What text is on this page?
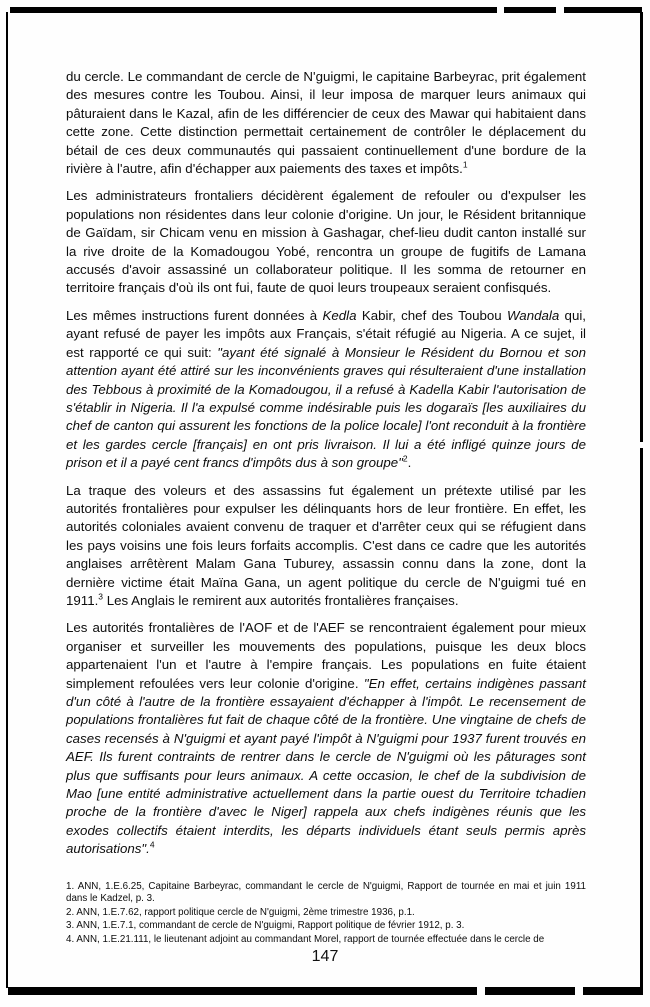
du cercle. Le commandant de cercle de N'guigmi, le capitaine Barbeyrac, prit également des mesures contre les Toubou. Ainsi, il leur imposa de marquer leurs animaux qui pâturaient dans le Kazal, afin de les différencier de ceux des Mawar qui habitaient dans cette zone. Cette distinction permettait certainement de contrôler le déplacement du bétail de ces deux communautés qui passaient continuellement d'une bordure de la rivière à l'autre, afin d'échapper aux paiements des taxes et impôts.$^1$

Les administrateurs frontaliers décidèrent également de refouler ou d'expulser les populations non résidentes dans leur colonie d'origine. Un jour, le Résident britannique de Gaïdam, sir Chicam venu en mission à Gashagar, chef-lieu dudit canton installé sur la rive droite de la Komadougou Yobé, rencontra un groupe de fugitifs de Lamana accusés d'avoir assassiné un collaborateur politique. Il les somma de retourner en territoire français d'où ils ont fui, faute de quoi leurs troupeaux seraient confisqués.

Les mêmes instructions furent données à Kedla Kabir, chef des Toubou Wandala qui, ayant refusé de payer les impôts aux Français, s'était réfugié au Nigeria. A ce sujet, il est rapporté ce qui suit: "ayant été signalé à Monsieur le Résident du Bornou et son attention ayant été attiré sur les inconvénients graves qui résulteraient d'une installation des Tebbous à proximité de la Komadougou, il a refusé à Kadella Kabir l'autorisation de s'établir in Nigeria. Il l'a expulsé comme indésirable puis les dogaraïs [les auxiliaires du chef de canton qui assurent les fonctions de la police locale] l'ont reconduit à la frontière et les gardes cercle [français] en ont pris livraison. Il lui a été infligé quinze jours de prison et il a payé cent francs d'impôts dus à son groupe"$^2$.

La traque des voleurs et des assassins fut également un prétexte utilisé par les autorités frontalières pour expulser les délinquants hors de leur frontière. En effet, les autorités coloniales avaient convenu de traquer et d'arrêter ceux qui se réfugient dans les pays voisins une fois leurs forfaits accomplis. C'est dans ce cadre que les autorités anglaises arrêtèrent Malam Gana Tuburey, assassin connu dans la zone, dont la dernière victime était Maïna Gana, un agent politique du cercle de N'guigmi tué en 1911.$^3$ Les Anglais le remirent aux autorités frontalières françaises.

Les autorités frontalières de l'AOF et de l'AEF se rencontraient également pour mieux organiser et surveiller les mouvements des populations, puisque les deux blocs appartenaient l'un et l'autre à l'empire français. Les populations en fuite étaient simplement refoulées vers leur colonie d'origine. "En effet, certains indigènes passant d'un côté à l'autre de la frontière essayaient d'échapper à l'impôt. Le recensement de populations frontalières fut fait de chaque côté de la frontière. Une vingtaine de chefs de cases recensés à N'guigmi et ayant payé l'impôt à N'guigmi pour 1937 furent trouvés en AEF. Ils furent contraints de rentrer dans le cercle de N'guigmi où les pâturages sont plus que suffisants pour leurs animaux. A cette occasion, le chef de la subdivision de Mao [une entité administrative actuellement dans la partie ouest du Territoire tchadien proche de la frontière d'avec le Niger] rappela aux chefs indigènes réunis que les exodes collectifs étaient interdits, les départs individuels étant seuls permis après autorisations".$^4$

1. ANN, 1.E.6.25, Capitaine Barbeyrac, commandant le cercle de N'guigmi, Rapport de tournée en mai et juin 1911 dans le Kadzel, p. 3.
2. ANN, 1.E.7.62, rapport politique cercle de N'guigmi, 2ème trimestre 1936, p.1.
3. ANN, 1.E.7.1, commandant de cercle de N'guigmi, Rapport politique de février 1912, p. 3.
4. ANN, 1.E.21.111, le lieutenant adjoint au commandant Morel, rapport de tournée effectuée dans le cercle de
147
